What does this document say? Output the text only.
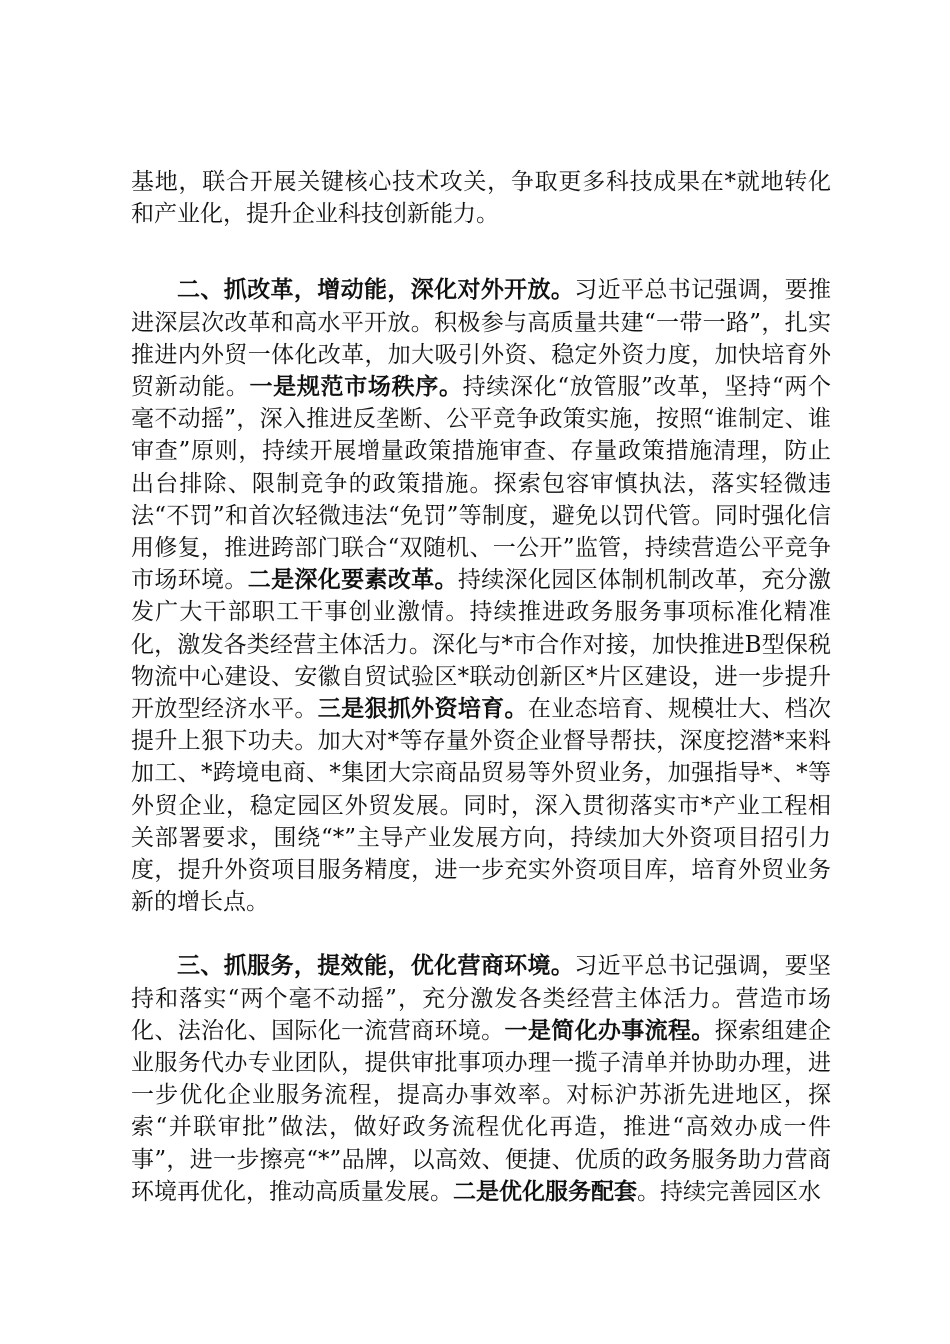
基地，联合开展关键核心技术攻关，争取更多科技成果在*就地转化和产业化，提升企业科技创新能力。

二、抓改革，增动能，深化对外开放。习近平总书记强调，要推进深层次改革和高水平开放。积极参与高质量共建“一带一路”，扎实推进内外贸一体化改革，加大吸引外资、稳定外资力度，加快培育外贸新动能。一是规范市场秩序。持续深化“放管服”改革，坚持“两个毫不动摇”，深入推进反垄断、公平竞争政策实施，按照“谁制定、谁审查”原则，持续开展增量政策措施审查、存量政策措施清理，防止出台排除、限制竞争的政策措施。探索包容审慎执法，落实轻微违法“不罚”和首次轻微违法“免罚”等制度，避免以罚代管。同时强化信用修复，推进跨部门联合“双随机、一公开”监管，持续营造公平竞争市场环境。二是深化要素改革。持续深化园区体制机制改革，充分激发广大干部职工干事创业激情。持续推进政务服务事项标准化精准化，激发各类经营主体活力。深化与*市合作对接，加快推进B型保税物流中心建设、安徽自贸试验区*联动创新区*片区建设，进一步提升开放型经济水平。三是狠抓外资培育。在业态培育、规模壮大、档次提升上狠下功夫。加大对*等存量外资企业督导帮扶，深度挖潜*来料加工、*跨境电商、*集团大宗商品贸易等外贸业务，加强指导*、*等外贸企业，稳定园区外贸发展。同时，深入贯彻落实市*产业工程相关部署要求，围绕“*”主导产业发展方向，持续加大外资项目招引力度，提升外资项目服务精度，进一步充实外资项目库，培育外贸业务新的增长点。

三、抓服务，提效能，优化营商环境。习近平总书记强调，要坚持和落实“两个毫不动摇”，充分激发各类经营主体活力。营造市场化、法治化、国际化一流营商环境。一是简化办事流程。探索组建企业服务代办专业团队，提供审批事项办理一揽子清单并协助办理，进一步优化企业服务流程，提高办事效率。对标沪苏浙先进地区，探索“并联审批”做法，做好政务流程优化再造，推进“高效办成一件事”，进一步擦亮“*”品牌，以高效、便捷、优质的政务服务助力营商环境再优化，推动高质量发展。二是优化服务配套。持续完善园区水
